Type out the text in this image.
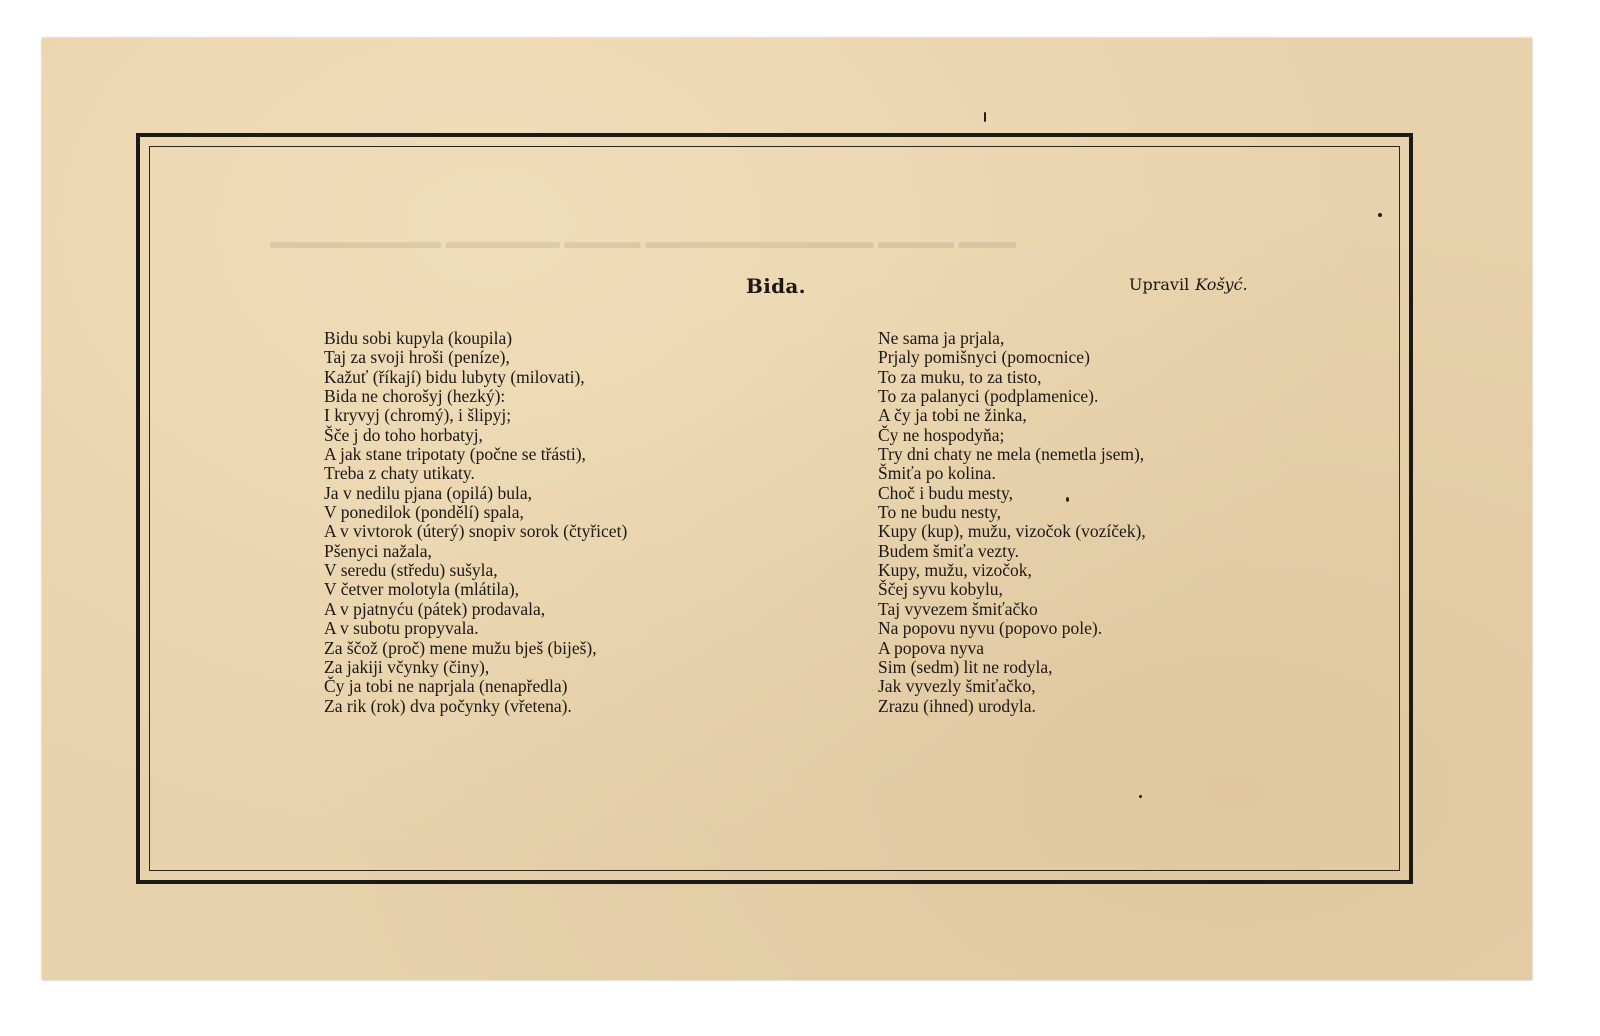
▬▬▬ ▬▬▬▬ ▬▬▬▬▬▬▬▬▬▬▬▬ ▬▬▬▬ ▬▬▬▬▬▬ ▬▬▬▬▬▬▬▬▬
Bida.	Upravil Košyć.
Bidu sobi kupyla (koupila)
Taj za svoji hroši (peníze),
Kažuť (říkají) bidu lubyty (milovati),
Bida ne chorošyj (hezký):
I kryvyj (chromý), i šlipyj;
Šče j do toho horbatyj,
A jak stane tripotaty (počne se třásti),
Treba z chaty utikaty.
Ja v nedilu pjana (opilá) bula,
V ponedilok (pondělí) spala,
A v vivtorok (úterý) snopiv sorok (čtyřicet)
Pšenyci nažala,
V seredu (středu) sušyla,
V četver molotyla (mlátila),
A v pjatnyću (pátek) prodavala,
A v subotu propyvala.
Za ščož (proč) mene mužu bješ (biješ),
Za jakiji včynky (činy),
Čy ja tobi ne naprjala (nenapředla)
Za rik (rok) dva počynky (vřetena).
Ne sama ja prjala,
Prjaly pomišnyci (pomocnice)
To za muku, to za tisto,
To za palanyci (podplamenice).
A čy ja tobi ne žinka,
Čy ne hospodyňa;
Try dni chaty ne mela (nemetla jsem),
Šmiťa po kolina.
Choč i budu mesty,
To ne budu nesty,
Kupy (kup), mužu, vizočok (vozíček),
Budem šmiťa vezty.
Kupy, mužu, vizočok,
Ščej syvu kobylu,
Taj vyvezem šmiťačko
Na popovu nyvu (popovo pole).
A popova nyva
Sim (sedm) lit ne rodyla,
Jak vyvezly šmiťačko,
Zrazu (ihned) urodyla.
